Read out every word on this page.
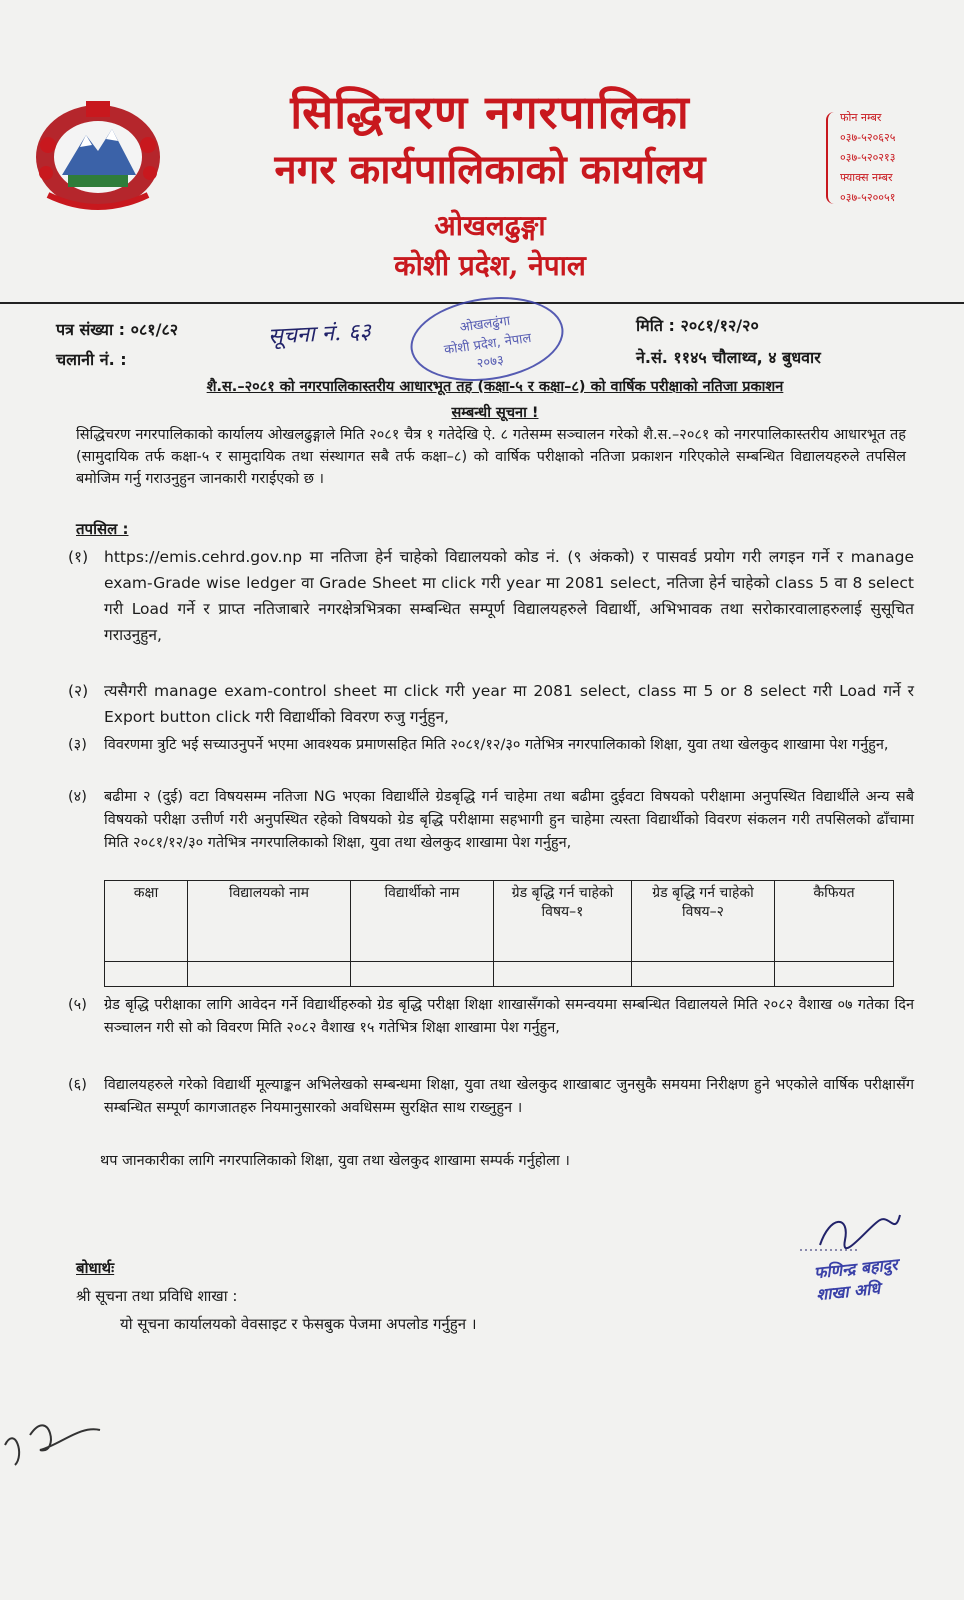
सिद्धिचरण नगरपालिका
नगर कार्यपालिकाको कार्यालय
ओखलढुङ्गा
कोशी प्रदेश, नेपाल
फोन नम्बर
०३७-५२०६२५
०३७-५२०२१३
फ्याक्स नम्बर
०३७-५२००५१
ओखलढुंगा
कोशी प्रदेश, नेपाल
२०७३
पत्र संख्या : ०८१/८२
चलानी नं. :
सूचना नं. ६३	मिति : २०८१/१२/२०
ने.सं. ११४५ चौलाथ्व, ४ बुधवार
शै.स.–२०८१ को नगरपालिकास्तरीय आधारभूत तह (कक्षा-५ र कक्षा–८) को वार्षिक परीक्षाको नतिजा प्रकाशन
सम्बन्धी सूचना !
सिद्धिचरण नगरपालिकाको कार्यालय ओखलढुङ्गाले मिति २०८१ चैत्र १ गतेदेखि ऐ. ८ गतेसम्म सञ्चालन गरेको शै.स.–२०८१ को नगरपालिकास्तरीय आधारभूत तह (सामुदायिक तर्फ कक्षा-५ र सामुदायिक तथा संस्थागत सबै तर्फ कक्षा–८) को वार्षिक परीक्षाको नतिजा प्रकाशन गरिएकोले सम्बन्धित विद्यालयहरुले तपसिल बमोजिम गर्नु गराउनुहुन जानकारी गराईएको छ ।
तपसिल :
(१) https://emis.cehrd.gov.np मा नतिजा हेर्न चाहेको विद्यालयको कोड नं. (९ अंकको) र पासवर्ड प्रयोग गरी लगइन गर्ने र manage exam-Grade wise ledger वा Grade Sheet मा click गरी year मा 2081 select, नतिजा हेर्न चाहेको class 5 वा 8 select गरी Load गर्ने र प्राप्त नतिजाबारे नगरक्षेत्रभित्रका सम्बन्धित सम्पूर्ण विद्यालयहरुले विद्यार्थी, अभिभावक तथा सरोकारवालाहरुलाई सुसूचित गराउनुहुन,
(२) त्यसैगरी manage exam-control sheet मा click गरी year मा 2081 select, class मा 5 or 8 select गरी Load गर्ने र Export button click गरी विद्यार्थीको विवरण रुजु गर्नुहुन,
(३) विवरणमा त्रुटि भई सच्याउनुपर्ने भएमा आवश्यक प्रमाणसहित मिति २०८१/१२/३० गतेभित्र नगरपालिकाको शिक्षा, युवा तथा खेलकुद शाखामा पेश गर्नुहुन,
(४) बढीमा २ (दुई) वटा विषयसम्म नतिजा NG भएका विद्यार्थीले ग्रेडबृद्धि गर्न चाहेमा तथा बढीमा दुईवटा विषयको परीक्षामा अनुपस्थित विद्यार्थीले अन्य सबै विषयको परीक्षा उत्तीर्ण गरी अनुपस्थित रहेको विषयको ग्रेड बृद्धि परीक्षामा सहभागी हुन चाहेमा त्यस्ता विद्यार्थीको विवरण संकलन गरी तपसिलको ढाँचामा मिति २०८१/१२/३० गतेभित्र नगरपालिकाको शिक्षा, युवा तथा खेलकुद शाखामा पेश गर्नुहुन,
कक्षा	विद्यालयको नाम	विद्यार्थीको नाम	ग्रेड बृद्धि गर्न चाहेको विषय–१	ग्रेड बृद्धि गर्न चाहेको विषय–२	कैफियत

(५) ग्रेड बृद्धि परीक्षाका लागि आवेदन गर्ने विद्यार्थीहरुको ग्रेड बृद्धि परीक्षा शिक्षा शाखासँगको समन्वयमा सम्बन्धित विद्यालयले मिति २०८२ वैशाख ०७ गतेका दिन सञ्चालन गरी सो को विवरण मिति २०८२ वैशाख १५ गतेभित्र शिक्षा शाखामा पेश गर्नुहुन,
(६) विद्यालयहरुले गरेको विद्यार्थी मूल्याङ्कन अभिलेखको सम्बन्धमा शिक्षा, युवा तथा खेलकुद शाखाबाट जुनसुकै समयमा निरीक्षण हुने भएकोले वार्षिक परीक्षासँग सम्बन्धित सम्पूर्ण कागजातहरु नियमानुसारको अवधिसम्म सुरक्षित साथ राख्नुहुन ।
थप जानकारीका लागि नगरपालिकाको शिक्षा, युवा तथा खेलकुद शाखामा सम्पर्क गर्नुहोला ।
फणिन्द्र बहादुर
शाखा अधि
बोधार्थः
श्री सूचना तथा प्रविधि शाखा :
यो सूचना कार्यालयको वेवसाइट र फेसबुक पेजमा अपलोड गर्नुहुन ।
